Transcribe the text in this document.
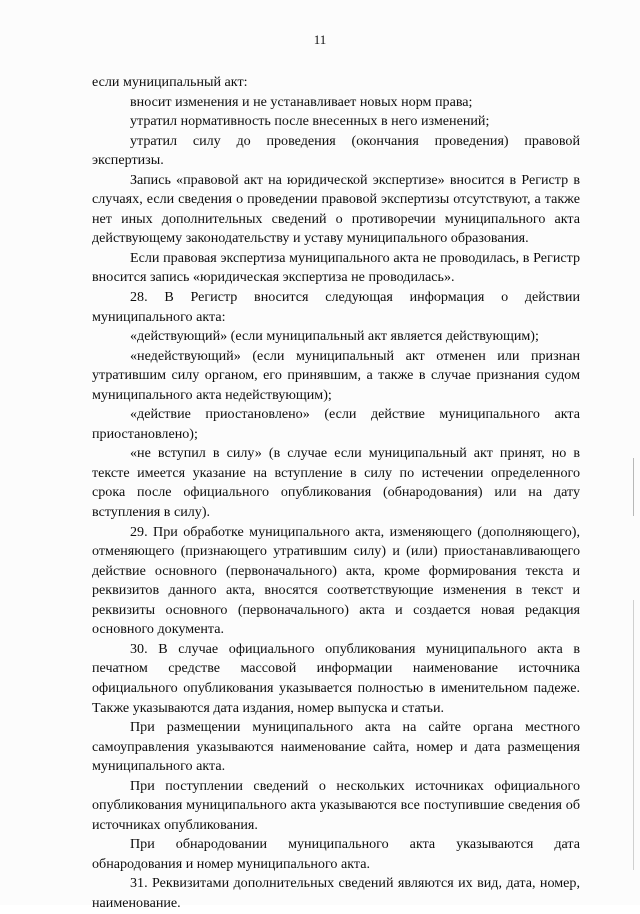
11

если муниципальный акт:

вносит изменения и не устанавливает новых норм права;

утратил нормативность после внесенных в него изменений;

утратил силу до проведения (окончания проведения) правовой экспертизы.

Запись «правовой акт на юридической экспертизе» вносится в Регистр в случаях, если сведения о проведении правовой экспертизы отсутствуют, а также нет иных дополнительных сведений о противоречии муниципального акта действующему законодательству и уставу муниципального образования.

Если правовая экспертиза муниципального акта не проводилась, в Регистр вносится запись «юридическая экспертиза не проводилась».

28. В Регистр вносится следующая информация о действии муниципального акта:

«действующий» (если муниципальный акт является действующим);

«недействующий» (если муниципальный акт отменен или признан утратившим силу органом, его принявшим, а также в случае признания судом муниципального акта недействующим);

«действие приостановлено» (если действие муниципального акта приостановлено);

«не вступил в силу» (в случае если муниципальный акт принят, но в тексте имеется указание на вступление в силу по истечении определенного срока после официального опубликования (обнародования) или на дату вступления в силу).

29. При обработке муниципального акта, изменяющего (дополняющего), отменяющего (признающего утратившим силу) и (или) приостанавливающего действие основного (первоначального) акта, кроме формирования текста и реквизитов данного акта, вносятся соответствующие изменения в текст и реквизиты основного (первоначального) акта и создается новая редакция основного документа.

30. В случае официального опубликования муниципального акта в печатном средстве массовой информации наименование источника официального опубликования указывается полностью в именительном падеже. Также указываются дата издания, номер выпуска и статьи.

При размещении муниципального акта на сайте органа местного самоуправления указываются наименование сайта, номер и дата размещения муниципального акта.

При поступлении сведений о нескольких источниках официального опубликования муниципального акта указываются все поступившие сведения об источниках опубликования.

При обнародовании муниципального акта указываются дата обнародования и номер муниципального акта.

31. Реквизитами дополнительных сведений являются их вид, дата, номер, наименование.
